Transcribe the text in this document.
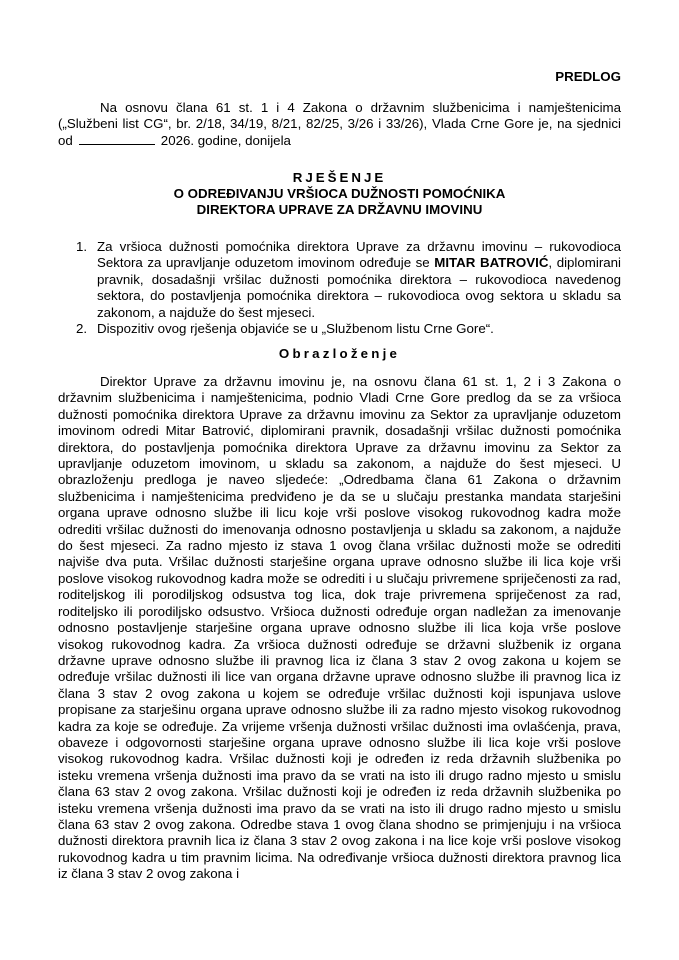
PREDLOG

Na osnovu člana 61 st. 1 i 4 Zakona o državnim službenicima i namještenicima („Službeni list CG“, br. 2/18, 34/19, 8/21, 82/25, 3/26 i 33/26), Vlada Crne Gore je, na sjednici od	2026. godine, donijela

RJEŠENJE
O ODREĐIVANJU VRŠIOCA DUŽNOSTI POMOĆNIKA
DIREKTORA UPRAVE ZA DRŽAVNU IMOVINU
1. Za vršioca dužnosti pomoćnika direktora Uprave za državnu imovinu – rukovodioca Sektora za upravljanje oduzetom imovinom određuje se MITAR BATROVIĆ, diplomirani pravnik, dosadašnji vršilac dužnosti pomoćnika direktora – rukovodioca navedenog sektora, do postavljenja pomoćnika direktora – rukovodioca ovog sektora u skladu sa zakonom, a najduže do šest mjeseci.
2. Dispozitiv ovog rješenja objaviće se u „Službenom listu Crne Gore“.
Obrazloženje

Direktor Uprave za državnu imovinu je, na osnovu člana 61 st. 1, 2 i 3 Zakona o državnim službenicima i namještenicima, podnio Vladi Crne Gore predlog da se za vršioca dužnosti pomoćnika direktora Uprave za državnu imovinu za Sektor za upravljanje oduzetom imovinom odredi Mitar Batrović, diplomirani pravnik, dosadašnji vršilac dužnosti pomoćnika direktora, do postavljenja pomoćnika direktora Uprave za državnu imovinu za Sektor za upravljanje oduzetom imovinom, u skladu sa zakonom, a najduže do šest mjeseci. U obrazloženju predloga je naveo sljedeće: „Odredbama člana 61 Zakona o državnim službenicima i namještenicima predviđeno je da se u slučaju prestanka mandata starješini organa uprave odnosno službe ili licu koje vrši poslove visokog rukovodnog kadra može odrediti vršilac dužnosti do imenovanja odnosno postavljenja u skladu sa zakonom, a najduže do šest mjeseci. Za radno mjesto iz stava 1 ovog člana vršilac dužnosti može se odrediti najviše dva puta. Vršilac dužnosti starješine organa uprave odnosno službe ili lica koje vrši poslove visokog rukovodnog kadra može se odrediti i u slučaju privremene spriječenosti za rad, roditeljskog ili porodiljskog odsustva tog lica, dok traje privremena spriječenost za rad, roditeljsko ili porodiljsko odsustvo. Vršioca dužnosti određuje organ nadležan za imenovanje odnosno postavljenje starješine organa uprave odnosno službe ili lica koja vrše poslove visokog rukovodnog kadra. Za vršioca dužnosti određuje se državni službenik iz organa državne uprave odnosno službe ili pravnog lica iz člana 3 stav 2 ovog zakona u kojem se određuje vršilac dužnosti ili lice van organa državne uprave odnosno službe ili pravnog lica iz člana 3 stav 2 ovog zakona u kojem se određuje vršilac dužnosti koji ispunjava uslove propisane za starješinu organa uprave odnosno službe ili za radno mjesto visokog rukovodnog kadra za koje se određuje. Za vrijeme vršenja dužnosti vršilac dužnosti ima ovlašćenja, prava, obaveze i odgovornosti starješine organa uprave odnosno službe ili lica koje vrši poslove visokog rukovodnog kadra. Vršilac dužnosti koji je određen iz reda državnih službenika po isteku vremena vršenja dužnosti ima pravo da se vrati na isto ili drugo radno mjesto u smislu člana 63 stav 2 ovog zakona. Vršilac dužnosti koji je određen iz reda državnih službenika po isteku vremena vršenja dužnosti ima pravo da se vrati na isto ili drugo radno mjesto u smislu člana 63 stav 2 ovog zakona. Odredbe stava 1 ovog člana shodno se primjenjuju i na vršioca dužnosti direktora pravnih lica iz člana 3 stav 2 ovog zakona i na lice koje vrši poslove visokog rukovodnog kadra u tim pravnim licima. Na određivanje vršioca dužnosti direktora pravnog lica iz člana 3 stav 2 ovog zakona i
